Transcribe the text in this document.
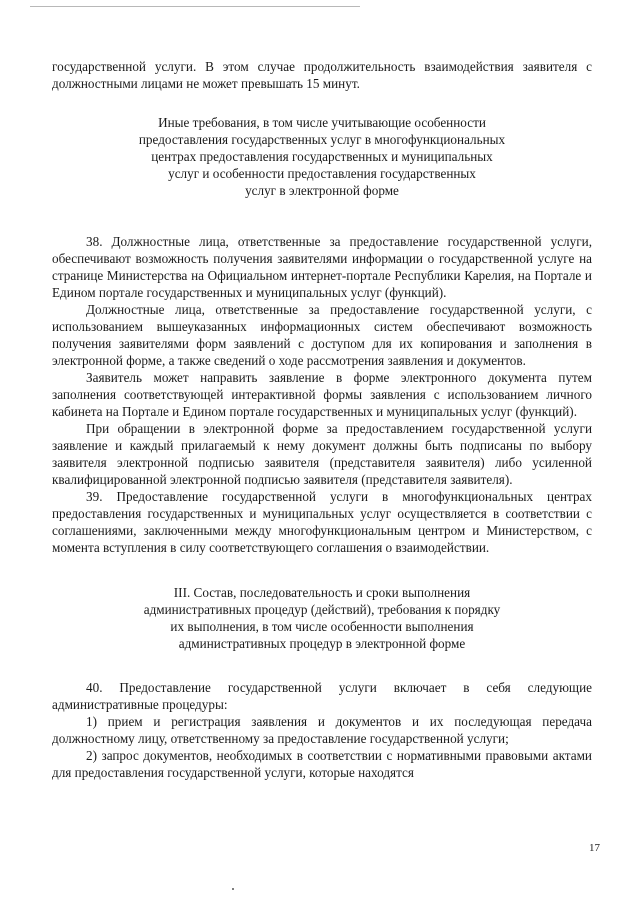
государственной услуги. В этом случае продолжительность взаимодействия заявителя с должностными лицами не может превышать 15 минут.

Иные требования, в том числе учитывающие особенности

предоставления государственных услуг в многофункциональных

центрах предоставления государственных и муниципальных

услуг и особенности предоставления государственных

услуг в электронной форме

38. Должностные лица, ответственные за предоставление государственной услуги, обеспечивают возможность получения заявителями информации о государственной услуге на странице Министерства на Официальном интернет-портале Республики Карелия, на Портале и Едином портале государственных и муниципальных услуг (функций).

Должностные лица, ответственные за предоставление государственной услуги, с использованием вышеуказанных информационных систем обеспечивают возможность получения заявителями форм заявлений с доступом для их копирования и заполнения в электронной форме, а также сведений о ходе рассмотрения заявления и документов.

Заявитель может направить заявление в форме электронного документа путем заполнения соответствующей интерактивной формы заявления с использованием личного кабинета на Портале и Едином портале государственных и муниципальных услуг (функций).

При обращении в электронной форме за предоставлением государственной услуги заявление и каждый прилагаемый к нему документ должны быть подписаны по выбору заявителя электронной подписью заявителя (представителя заявителя) либо усиленной квалифицированной электронной подписью заявителя (представителя заявителя).

39. Предоставление государственной услуги в многофункциональных центрах предоставления государственных и муниципальных услуг осуществляется в соответствии с соглашениями, заключенными между многофункциональным центром и Министерством, с момента вступления в силу соответствующего соглашения о взаимодействии.

III. Состав, последовательность и сроки выполнения

административных процедур (действий), требования к порядку

их выполнения, в том числе особенности выполнения

административных процедур в электронной форме

40. Предоставление государственной услуги включает в себя следующие административные процедуры:

1) прием и регистрация заявления и документов и их последующая передача должностному лицу, ответственному за предоставление государственной услуги;

2) запрос документов, необходимых в соответствии с нормативными правовыми актами для предоставления государственной услуги, которые находятся

17
